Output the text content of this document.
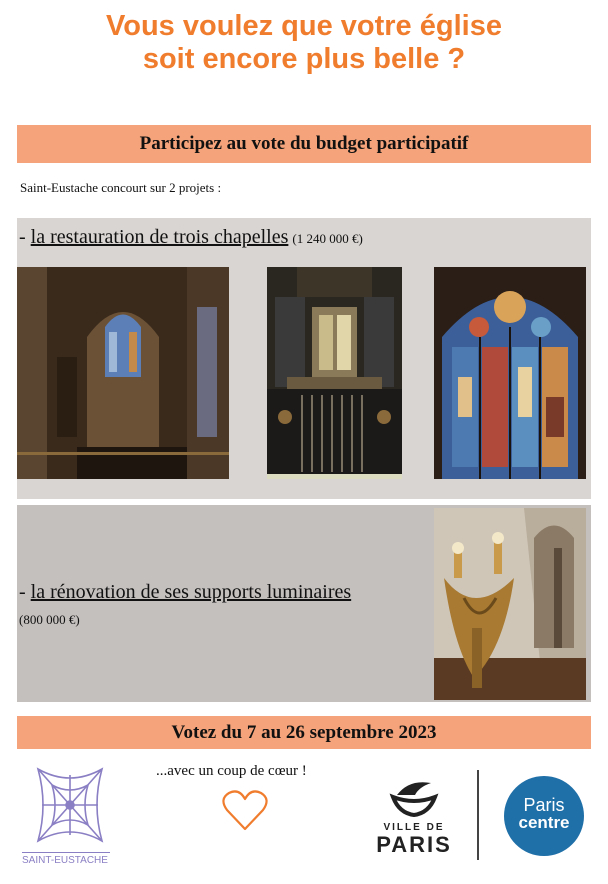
Vous voulez que votre église
soit encore plus belle ?
Participez au vote du budget participatif
Saint-Eustache concourt sur 2 projets :
- la restauration de trois chapelles (1 240 000 €)
- la rénovation de ses supports luminaires
(800 000 €)
Votez du 7 au 26 septembre 2023
SAINT-EUSTACHE
...avec un coup de cœur !
VILLE DE
PARIS
Paris
centre
